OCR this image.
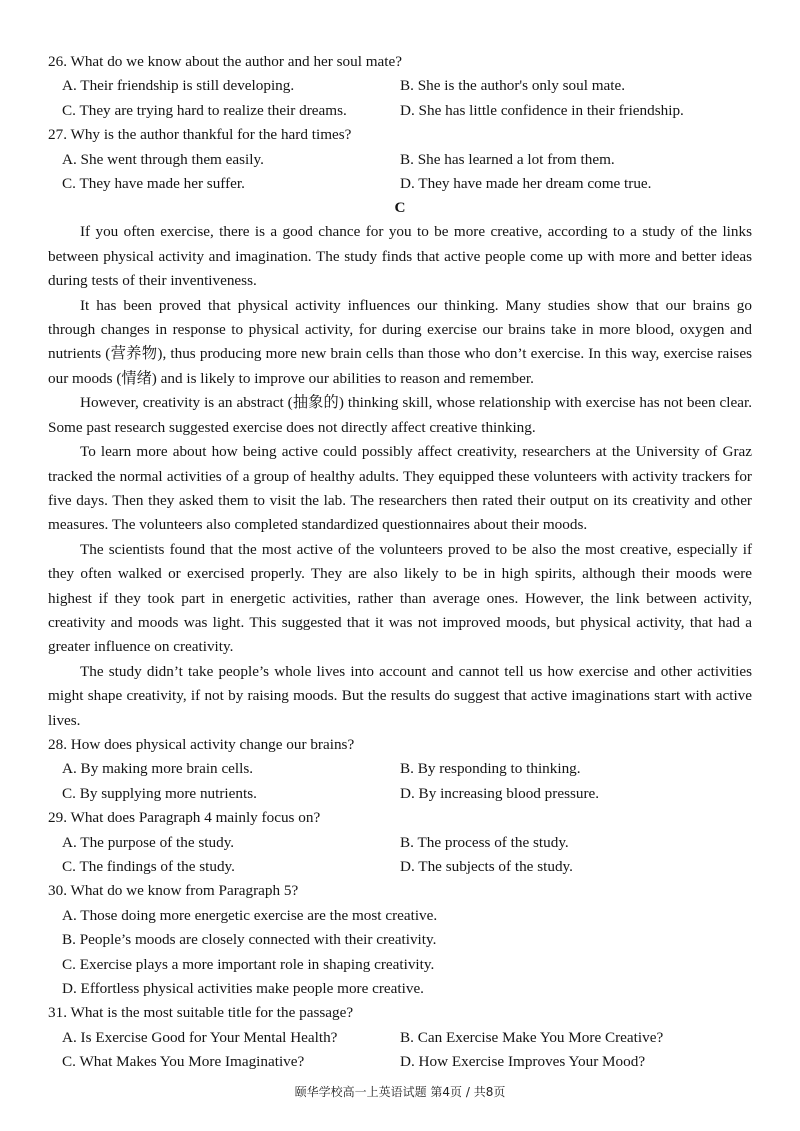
26. What do we know about the author and her soul mate?

A. Their friendship is still developing.	B. She is the author's only soul mate.
C. They are trying hard to realize their dreams.	D. She has little confidence in their friendship.

27. Why is the author thankful for the hard times?

A. She went through them easily.	B. She has learned a lot from them.
C. They have made her suffer.	D. They have made her dream come true.

C

If you often exercise, there is a good chance for you to be more creative, according to a study of the links between physical activity and imagination. The study finds that active people come up with more and better ideas during tests of their inventiveness.

It has been proved that physical activity influences our thinking. Many studies show that our brains go through changes in response to physical activity, for during exercise our brains take in more blood, oxygen and nutrients (营养物), thus producing more new brain cells than those who don’t exercise. In this way, exercise raises our moods (情绪) and is likely to improve our abilities to reason and remember.

However, creativity is an abstract (抽象的) thinking skill, whose relationship with exercise has not been clear. Some past research suggested exercise does not directly affect creative thinking.

To learn more about how being active could possibly affect creativity, researchers at the University of Graz tracked the normal activities of a group of healthy adults. They equipped these volunteers with activity trackers for five days. Then they asked them to visit the lab. The researchers then rated their output on its creativity and other measures. The volunteers also completed standardized questionnaires about their moods.

The scientists found that the most active of the volunteers proved to be also the most creative, especially if they often walked or exercised properly. They are also likely to be in high spirits, although their moods were highest if they took part in energetic activities, rather than average ones. However, the link between activity, creativity and moods was light. This suggested that it was not improved moods, but physical activity, that had a greater influence on creativity.

The study didn’t take people’s whole lives into account and cannot tell us how exercise and other activities might shape creativity, if not by raising moods. But the results do suggest that active imaginations start with active lives.

28. How does physical activity change our brains?

A. By making more brain cells.	B. By responding to thinking.
C. By supplying more nutrients.	D. By increasing blood pressure.

29. What does Paragraph 4 mainly focus on?

A. The purpose of the study.	B. The process of the study.
C. The findings of the study.	D. The subjects of the study.

30. What do we know from Paragraph 5?

A. Those doing more energetic exercise are the most creative.
B. People’s moods are closely connected with their creativity.
C. Exercise plays a more important role in shaping creativity.
D. Effortless physical activities make people more creative.

31. What is the most suitable title for the passage?

A. Is Exercise Good for Your Mental Health?	B. Can Exercise Make You More Creative?
C. What Makes You More Imaginative?	D. How Exercise Improves Your Mood?
颐华学校高一上英语试题 第4页 / 共8页
